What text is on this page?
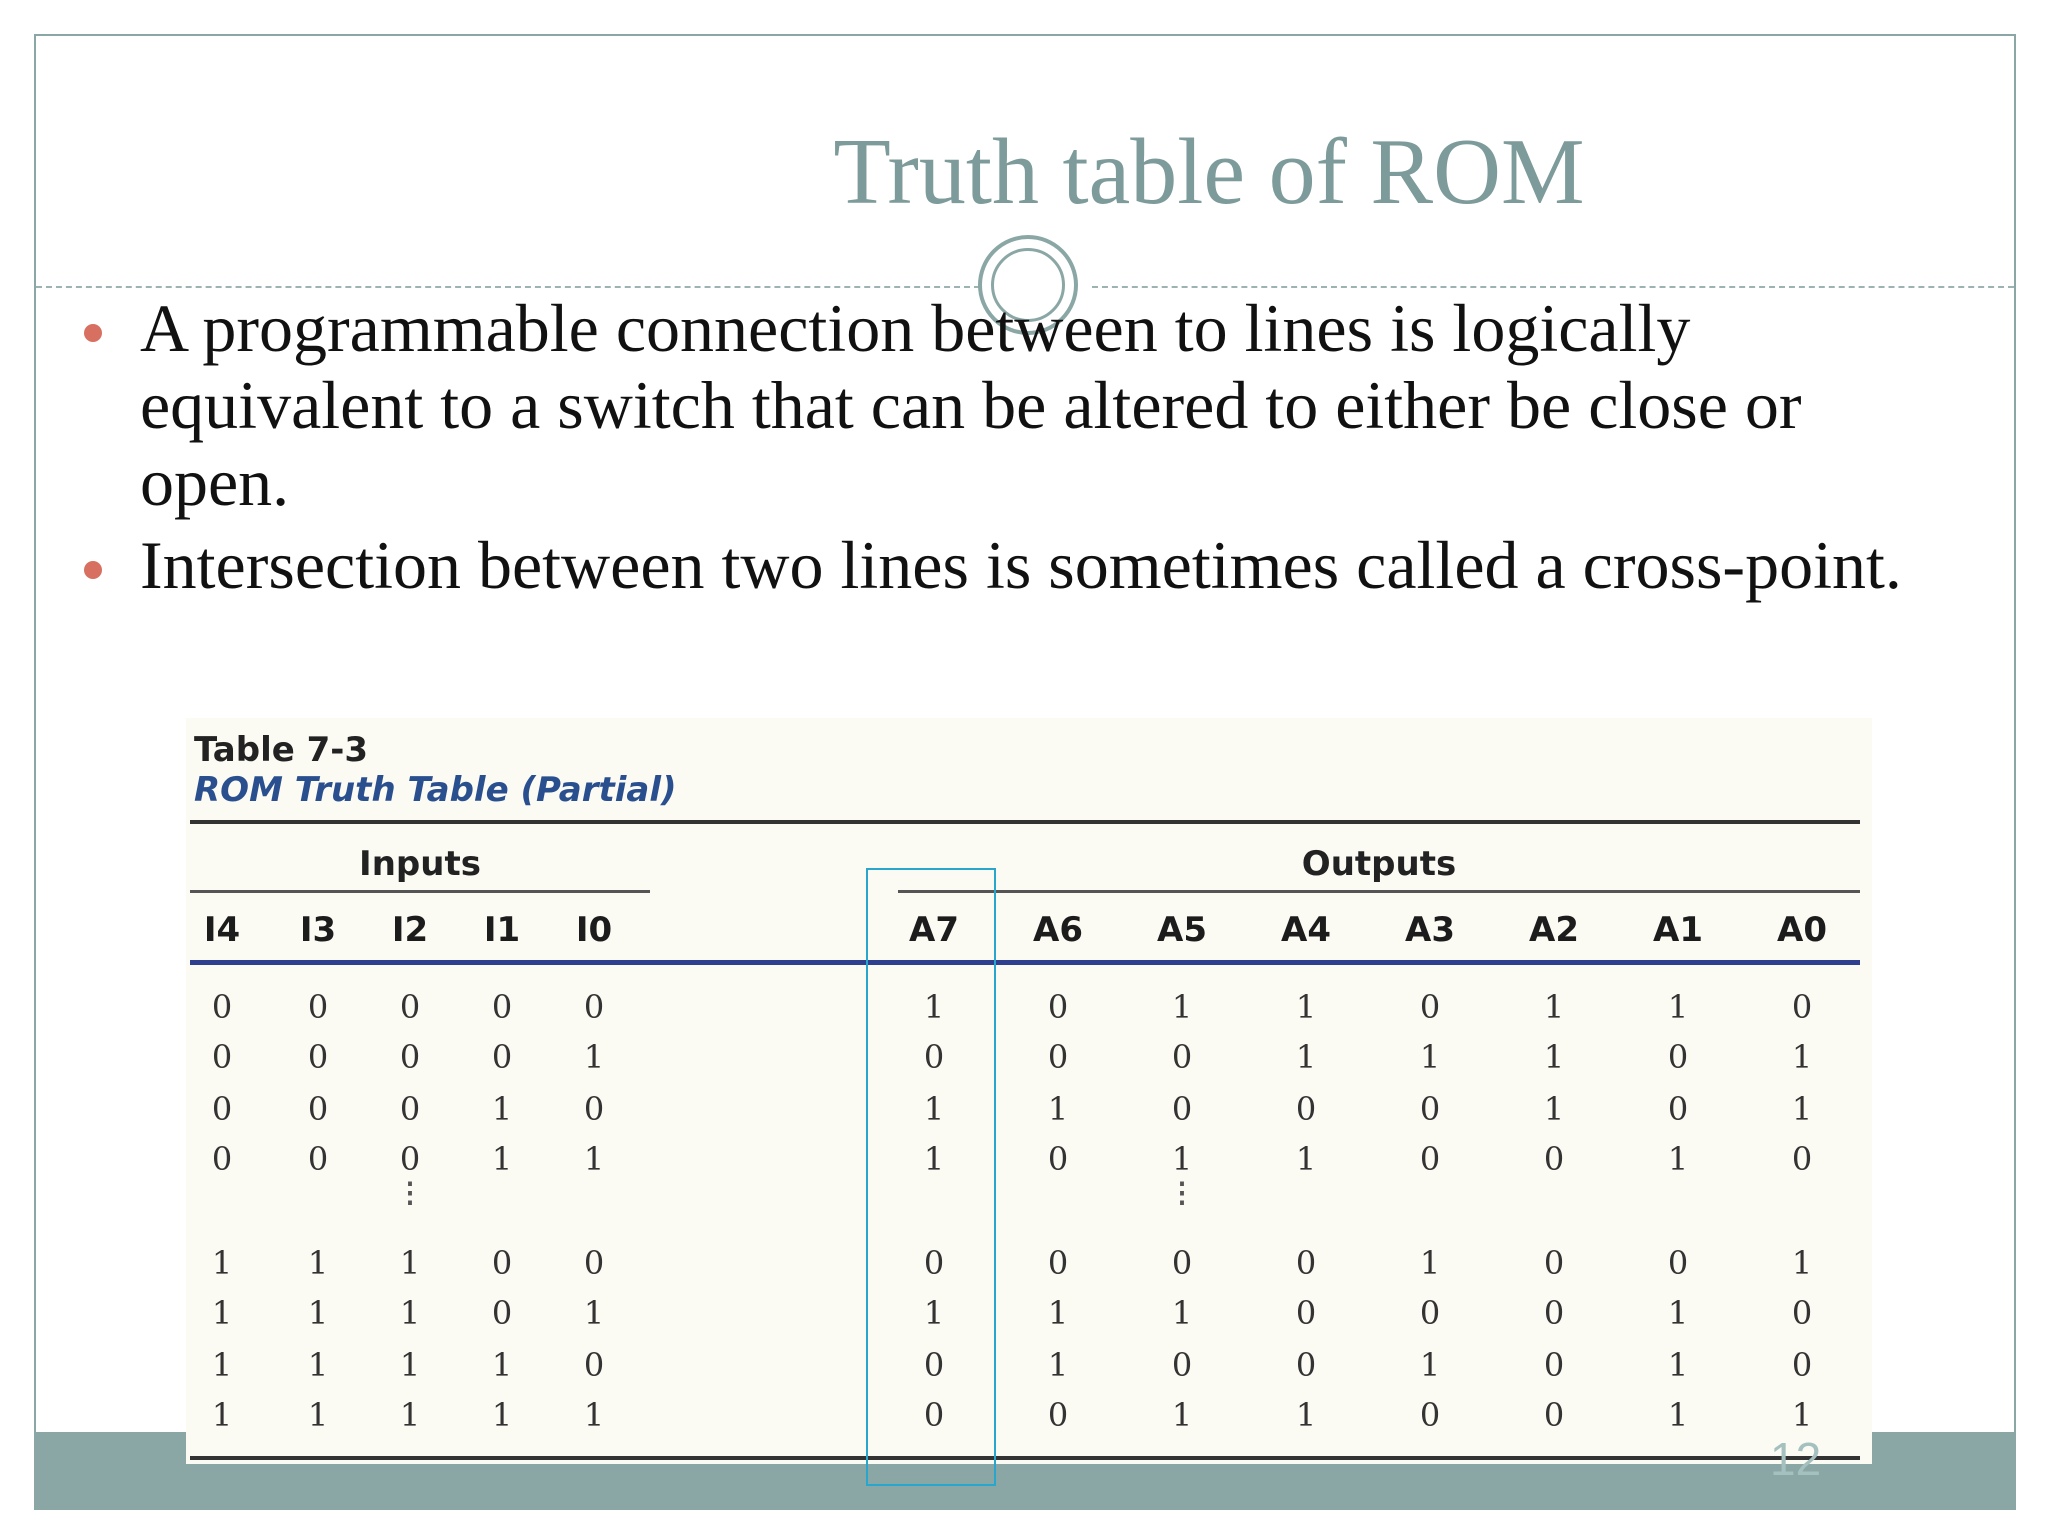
Truth table of ROM
A programmable connection between to lines is logically equivalent to a switch that can be altered to either be close or open.
Intersection between two lines is sometimes called a cross-point.
Table 7-3
ROM Truth Table (Partial)
Inputs	Outputs
I4	I3	I2	I1	I0	A7	A6	A5	A4	A3	A2	A1	A0
0	0	0	0	0	1	0	1	1	0	1	1	0
0	0	0	0	1	0	0	0	1	1	1	0	1
0	0	0	1	0	1	1	0	0	0	1	0	1
0	0	0	1	1	1	0	1	1	0	0	1	0
1	1	1	0	0	0	0	0	0	1	0	0	1
1	1	1	0	1	1	1	1	0	0	0	1	0
1	1	1	1	0	0	1	0	0	1	0	1	0
1	1	1	1	1	0	0	1	1	0	0	1	1
⋮	⋮
12
